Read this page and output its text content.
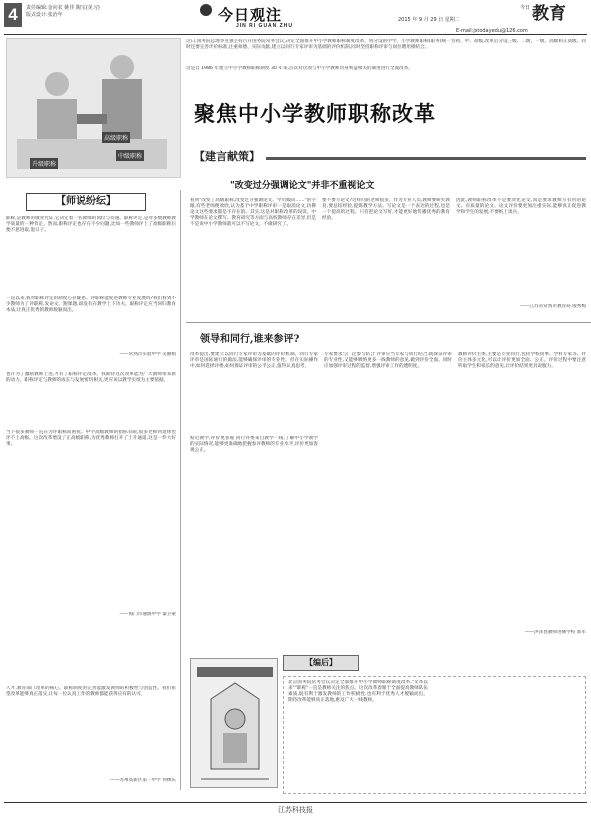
4	责任编辑:金向农 姚佳 陶宝(见习)
版式设计:张治年	今日观注
JIN RI GUAN ZHU
2015 年 9 月 29 日 星期二
今日 教育
E-mail:jstodayedu@126.com
这日,国务院总理李克强主持召开国务院常务会议,决定全面推开中小学教师职称制度改革。将分设的中学、小学教师职称(职务)统一为初、中、高级,改革后分设三级、二级、一级、高级和正高级。同时还要完善评价标准,注重师德、实际贡献,建立以同行专家评审为基础的评价机制,同时坚持职称评审与岗位聘用相结合。
这是自 1986 年建立中小学教师职称制度 30 年来,首次对这项与中小学教师切身利益相关的制度进行全面改革。
高级职称
升级职称
中级职称
聚焦中小学教师职称改革
【建言献策】
【师说纷纭】
职称,是教师的敬业凭证,它决定着一名教师的岗位与待遇。职称评定,是对多数教师教学质量的一种肯定。然而,职称评定也存在不少问题,比如一些教师评上了高级职称后便不思进取,混日子。
一直以来,我对职称评定的制度心存疑惑。评职称能促进教师专业发展吗?我们看到不少教师为了评职称,发论文、跑课题,却没有在教学上下功夫。职称评定应当回归教育本质,让真正优秀的教师脱颖而出。
——常熟市实验中学 吴丽娟
也许为了激励教师上进,才有了职称评定改革。我期待这次改革能为广大教师带来新的动力。职称评定与教师的成长与发展密切相关,更应该以教学实绩为主要依据。
当下很多教师一直在为评职称而困扰。中学高级教师的指标有限,很多老师到退休也评不上高级。这次改革增设了正高级职称,为优秀教师打开了上升通道,这是一件大好事。
——海门市通源中学 秦卫蒙
人才,教育部门改革的核心。职称制度的完善能激发教师的积极性与创造性。我们希望改革能够真正落实,让每一位认真工作的教师都能获得应有的认可。
——苏州高新区第一中学 何林庆
"改变过分强调论文"并非不重视论文
看到"改变了高级职称,改变过分强调论文、学历倾向……"的字眼,有些老师便欢欣,认为基于中学职称评审一是取消论文,仿佛论文这些要求都是不存在的。其实,这是对职称改革的误读。中学教师在论文撰写、教育研究等方面与高校教师存在差异,但是不是说中小学教师就可以不写论文、不做研究了。
要不要写论文?这样问的老师很多。作为专业人员,教师要研究教育,要总结经验,提炼教学方法。写论文是一个表达的过程,也是一个提高的过程。只有把论文写好,才能更好地传播优秀的教育经验。
因此,教师职称改革不是要淡化论文,而是要求教师写有用的论文、有质量的论文。论文评价要更加注重实际,能够真正促进教学和学生的发展,不要纸上谈兵。
——江苏省常熟市教育局 殷秀梅
领导和同行,谁来参评?
改革提出,要建立以同行专家评审为基础的评价机制。同行专家评审是国际通行的做法,能够确保评审的专业性。但在实际操作中,如何选择评委,如何保证评审的公平公正,值得认真思考。
贴近教学,评价更客观 同行评委来自教学一线,了解中小学教学的实际情况,能够更准确地把握参评教师的专业水平,评价更加客观公正。
专家要求与广泛参与结合 评审应当专家与同行结合,既保证评审的专业性,又能够吸纳更多一线教师的意见,做到评价全面。同时应加强评审过程的监督,增强评审工作的透明度。
教师评价主体,主要是专业同行,包括学校同事、学科专家等。评价主体多元化,可以让评价更加全面、公正。评价过程中要注意听取学生和家长的意见,让评价结果更具说服力。
——洪泽县教师进修学校 郭军
【编后】
北京国务院常务会议决定全面推开中小学教师职称制度改革,"文革以来""职称"一直是教师关注的焦点。这次改革着眼于全面提高教师队伍素质,既有利于激发教师的工作积极性,也有利于优秀人才脱颖而出。期待改革能够真正落地,惠及广大一线教师。
江苏科技报
